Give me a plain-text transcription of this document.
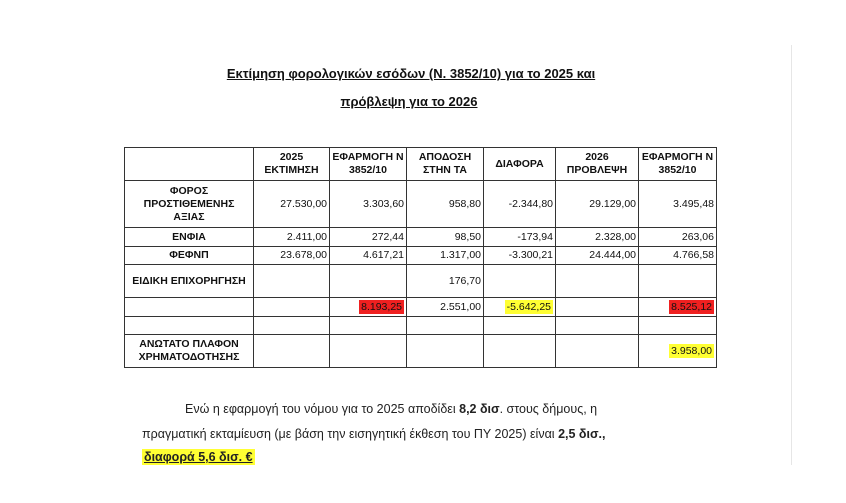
Εκτίμηση φορολογικών εσόδων (Ν. 3852/10) για το 2025 και
πρόβλεψη για το 2026
	2025 ΕΚΤΙΜΗΣΗ	ΕΦΑΡΜΟΓΗ Ν 3852/10	ΑΠΟΔΟΣΗ ΣΤΗΝ ΤΑ	ΔΙΑΦΟΡΑ	2026 ΠΡΟΒΛΕΨΗ	ΕΦΑΡΜΟΓΗ Ν 3852/10
ΦΟΡΟΣ ΠΡΟΣΤΙΘΕΜΕΝΗΣ ΑΞΙΑΣ	27.530,00	3.303,60	958,80	-2.344,80	29.129,00	3.495,48
ΕΝΦΙΑ	2.411,00	272,44	98,50	-173,94	2.328,00	263,06
ΦΕΦΝΠ	23.678,00	4.617,21	1.317,00	-3.300,21	24.444,00	4.766,58
ΕΙΔΙΚΗ ΕΠΙΧΟΡΗΓΗΣΗ			176,70			
		8.193,25	2.551,00	-5.642,25		8.525,12

ΑΝΩΤΑΤΟ ΠΛΑΦΟΝ ΧΡΗΜΑΤΟΔΟΤΗΣΗΣ						3.958,00
Ενώ η εφαρμογή του νόμου για το 2025 αποδίδει 8,2 δισ. στους δήμους, η
πραγματική εκταμίευση (με βάση την εισηγητική έκθεση του ΠΥ 2025) είναι 2,5 δισ.,
διαφορά 5,6 δισ. €
